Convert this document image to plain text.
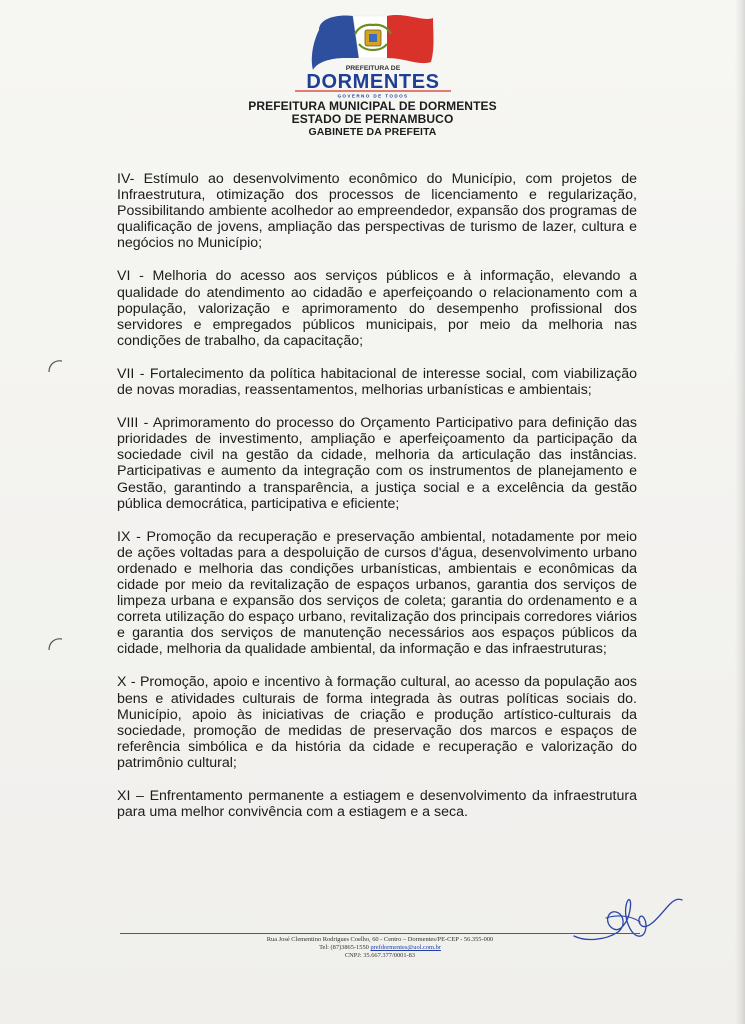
PREFEITURA DE
DORMENTES
GOVERNO DE TODOS
PREFEITURA MUNICIPAL DE DORMENTES
ESTADO DE PERNAMBUCO
GABINETE DA PREFEITA

IV- Estímulo ao desenvolvimento econômico do Município, com projetos de Infraestrutura, otimização dos processos de licenciamento e regularização, Possibilitando ambiente acolhedor ao empreendedor, expansão dos programas de qualificação de jovens, ampliação das perspectivas de turismo de lazer, cultura e negócios no Município;

VI - Melhoria do acesso aos serviços públicos e à informação, elevando a qualidade do atendimento ao cidadão e aperfeiçoando o relacionamento com a população, valorização e aprimoramento do desempenho profissional dos servidores e empregados públicos municipais, por meio da melhoria nas condições de trabalho, da capacitação;

VII - Fortalecimento da política habitacional de interesse social, com viabilização de novas moradias, reassentamentos, melhorias urbanísticas e ambientais;

VIII - Aprimoramento do processo do Orçamento Participativo para definição das prioridades de investimento, ampliação e aperfeiçoamento da participação da sociedade civil na gestão da cidade, melhoria da articulação das instâncias. Participativas e aumento da integração com os instrumentos de planejamento e Gestão, garantindo a transparência, a justiça social e a excelência da gestão pública democrática, participativa e eficiente;

IX - Promoção da recuperação e preservação ambiental, notadamente por meio de ações voltadas para a despoluição de cursos d'água, desenvolvimento urbano ordenado e melhoria das condições urbanísticas, ambientais e econômicas da cidade por meio da revitalização de espaços urbanos, garantia dos serviços de limpeza urbana e expansão dos serviços de coleta; garantia do ordenamento e a correta utilização do espaço urbano, revitalização dos principais corredores viários e garantia dos serviços de manutenção necessários aos espaços públicos da cidade, melhoria da qualidade ambiental, da informação e das infraestruturas;

X - Promoção, apoio e incentivo à formação cultural, ao acesso da população aos bens e atividades culturais de forma integrada às outras políticas sociais do. Município, apoio às iniciativas de criação e produção artístico-culturais da sociedade, promoção de medidas de preservação dos marcos e espaços de referência simbólica e da história da cidade e recuperação e valorização do patrimônio cultural;

XI – Enfrentamento permanente a estiagem e desenvolvimento da infraestrutura para uma melhor convivência com a estiagem e a seca.

Rua José Clementino Rodrigues Coelho, 60 - Centro – Dormentes/PE-CEP - 56.355-000
Tel: (87)3865-1550 prefdormentes@uol.com.br
CNPJ: 35.667.377/0001-83
